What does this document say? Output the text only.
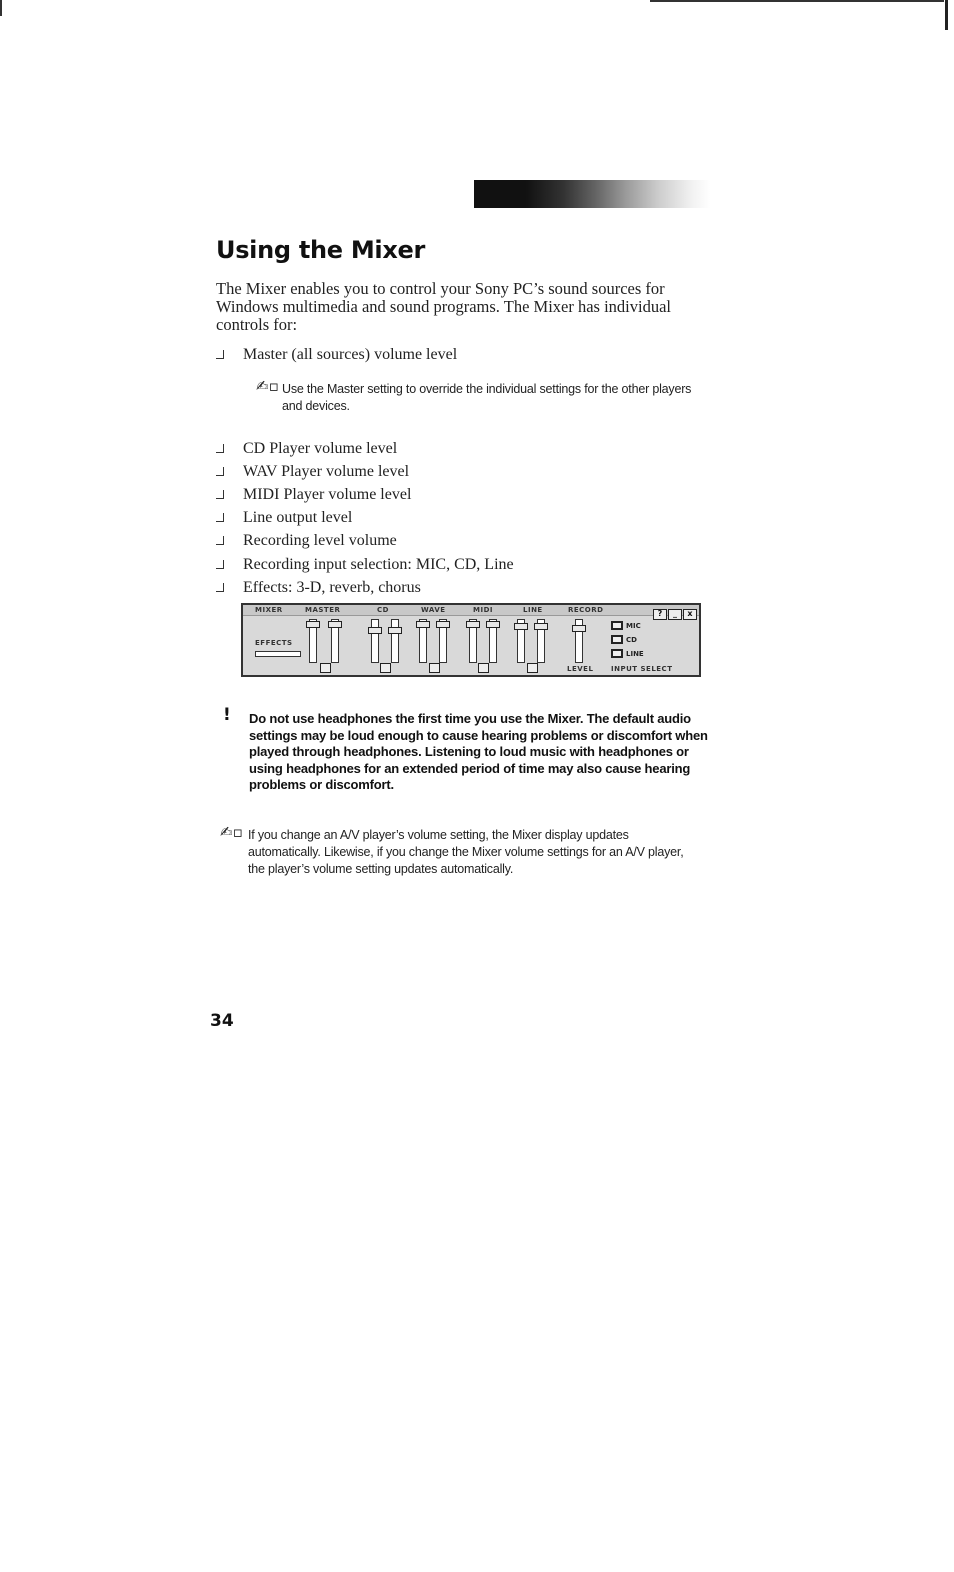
Using the Mixer

The Mixer enables you to control your Sony PC’s sound sources for Windows multimedia and sound programs. The Mixer has individual controls for:

Master (all sources) volume level
✍▫ Use the Master setting to override the individual settings for the other players and devices.

CD Player volume level
WAV Player volume level
MIDI Player volume level
Line output level
Recording level volume
Recording input selection: MIC, CD, Line
Effects: 3-D, reverb, chorus
MIXER	MASTER	CD	WAVE	MIDI	LINE	RECORD
EFFECTS
LEVEL
MIC
CD
LINE
INPUT SELECT
?	_	x
! Do not use headphones the first time you use the Mixer. The default audio settings may be loud enough to cause hearing problems or discomfort when played through headphones. Listening to loud music with headphones or using headphones for an extended period of time may also cause hearing problems or discomfort.

✍▫ If you change an A/V player’s volume setting, the Mixer display updates automatically. Likewise, if you change the Mixer volume settings for an A/V player, the player’s volume setting updates automatically.

34
